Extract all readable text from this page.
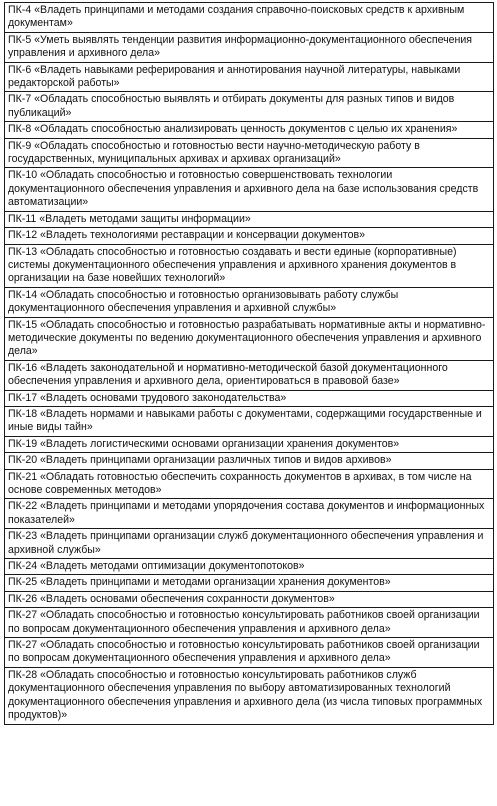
ПК-4 «Владеть принципами и методами создания справочно-поисковых средств к архивным документам»
ПК-5 «Уметь выявлять тенденции развития информационно-документационного обеспечения управления и архивного дела»
ПК-6 «Владеть навыками реферирования и аннотирования научной литературы, навыками редакторской работы»
ПК-7 «Обладать способностью выявлять и отбирать документы для разных типов и видов публикаций»
ПК-8 «Обладать способностью анализировать ценность документов с целью их хранения»
ПК-9 «Обладать способностью и готовностью вести научно-методическую работу в государственных, муниципальных архивах и архивах организаций»
ПК-10 «Обладать способностью и готовностью совершенствовать технологии документационного обеспечения управления и архивного дела на базе использования средств автоматизации»
ПК-11 «Владеть методами защиты информации»
ПК-12 «Владеть технологиями реставрации и консервации документов»
ПК-13 «Обладать способностью и готовностью создавать и вести единые (корпоративные) системы документационного обеспечения управления и архивного хранения документов в организации на базе новейших технологий»
ПК-14 «Обладать способностью и готовностью организовывать работу службы документационного обеспечения управления и архивной службы»
ПК-15 «Обладать способностью и готовностью разрабатывать нормативные акты и нормативно-методические документы по ведению документационного обеспечения управления и архивного дела»
ПК-16 «Владеть законодательной и нормативно-методической базой документационного обеспечения управления и архивного дела, ориентироваться в правовой базе»
ПК-17 «Владеть основами трудового законодательства»
ПК-18 «Владеть нормами и навыками работы с документами, содержащими государственные и иные виды тайн»
ПК-19 «Владеть логистическими основами организации хранения документов»
ПК-20 «Владеть принципами организации различных типов и видов архивов»
ПК-21 «Обладать готовностью обеспечить сохранность документов в архивах, в том числе на основе современных методов»
ПК-22 «Владеть принципами и методами упорядочения состава документов и информационных показателей»
ПК-23 «Владеть принципами организации служб документационного обеспечения управления и архивной службы»
ПК-24 «Владеть методами оптимизации документопотоков»
ПК-25 «Владеть принципами и методами организации хранения документов»
ПК-26 «Владеть основами обеспечения сохранности документов»
ПК-27 «Обладать способностью и готовностью консультировать работников своей организации по вопросам документационного обеспечения управления и архивного дела»
ПК-27 «Обладать способностью и готовностью консультировать работников своей организации по вопросам документационного обеспечения управления и архивного дела»
ПК-28 «Обладать способностью и готовностью консультировать работников служб документационного обеспечения управления по выбору автоматизированных технологий документационного обеспечения управления и архивного дела (из числа типовых программных продуктов)»
